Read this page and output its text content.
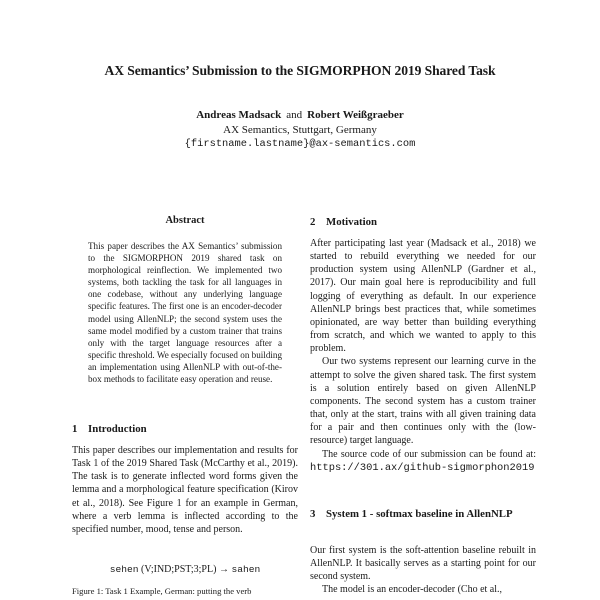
AX Semantics’ Submission to the SIGMORPHON 2019 Shared Task
Andreas Madsack and Robert Weißgraeber
AX Semantics, Stuttgart, Germany
{firstname.lastname}@ax-semantics.com
Abstract

This paper describes the AX Semantics’ submission to the SIGMORPHON 2019 shared task on morphological reinflection. We implemented two systems, both tackling the task for all languages in one codebase, without any underlying language specific features. The first one is an encoder-decoder model using AllenNLP; the second system uses the same model modified by a custom trainer that trains only with the target language resources after a specific threshold. We especially focused on building an implementation using AllenNLP with out-of-the-box methods to facilitate easy operation and reuse.

1 Introduction

This paper describes our implementation and results for Task 1 of the 2019 Shared Task (McCarthy et al., 2019). The task is to generate inflected word forms given the lemma and a morphological feature specification (Kirov et al., 2018). See Figure 1 for an example in German, where a verb lemma is inflected according to the specified number, mood, tense and person.

sehen (V;IND;PST;3;PL) → sahen
Figure 1: Task 1 Example, German: putting the verb
2 Motivation

After participating last year (Madsack et al., 2018) we started to rebuild everything we needed for our production system using AllenNLP (Gardner et al., 2017). Our main goal here is reproducibility and full logging of everything as default. In our experience AllenNLP brings best practices that, while sometimes opinionated, are way better than building everything from scratch, and which we wanted to apply to this problem.

Our two systems represent our learning curve in the attempt to solve the given shared task. The first system is a solution entirely based on given AllenNLP components. The second system has a custom trainer that, only at the start, trains with all given training data for a pair and then continues only with the (low-resource) target language.

The source code of our submission can be found at: https://301.ax/github-sigmorphon2019

3 System 1 - softmax baseline in AllenNLP

Our first system is the soft-attention baseline rebuilt in AllenNLP. It basically serves as a starting point for our second system.

The model is an encoder-decoder (Cho et al.,
